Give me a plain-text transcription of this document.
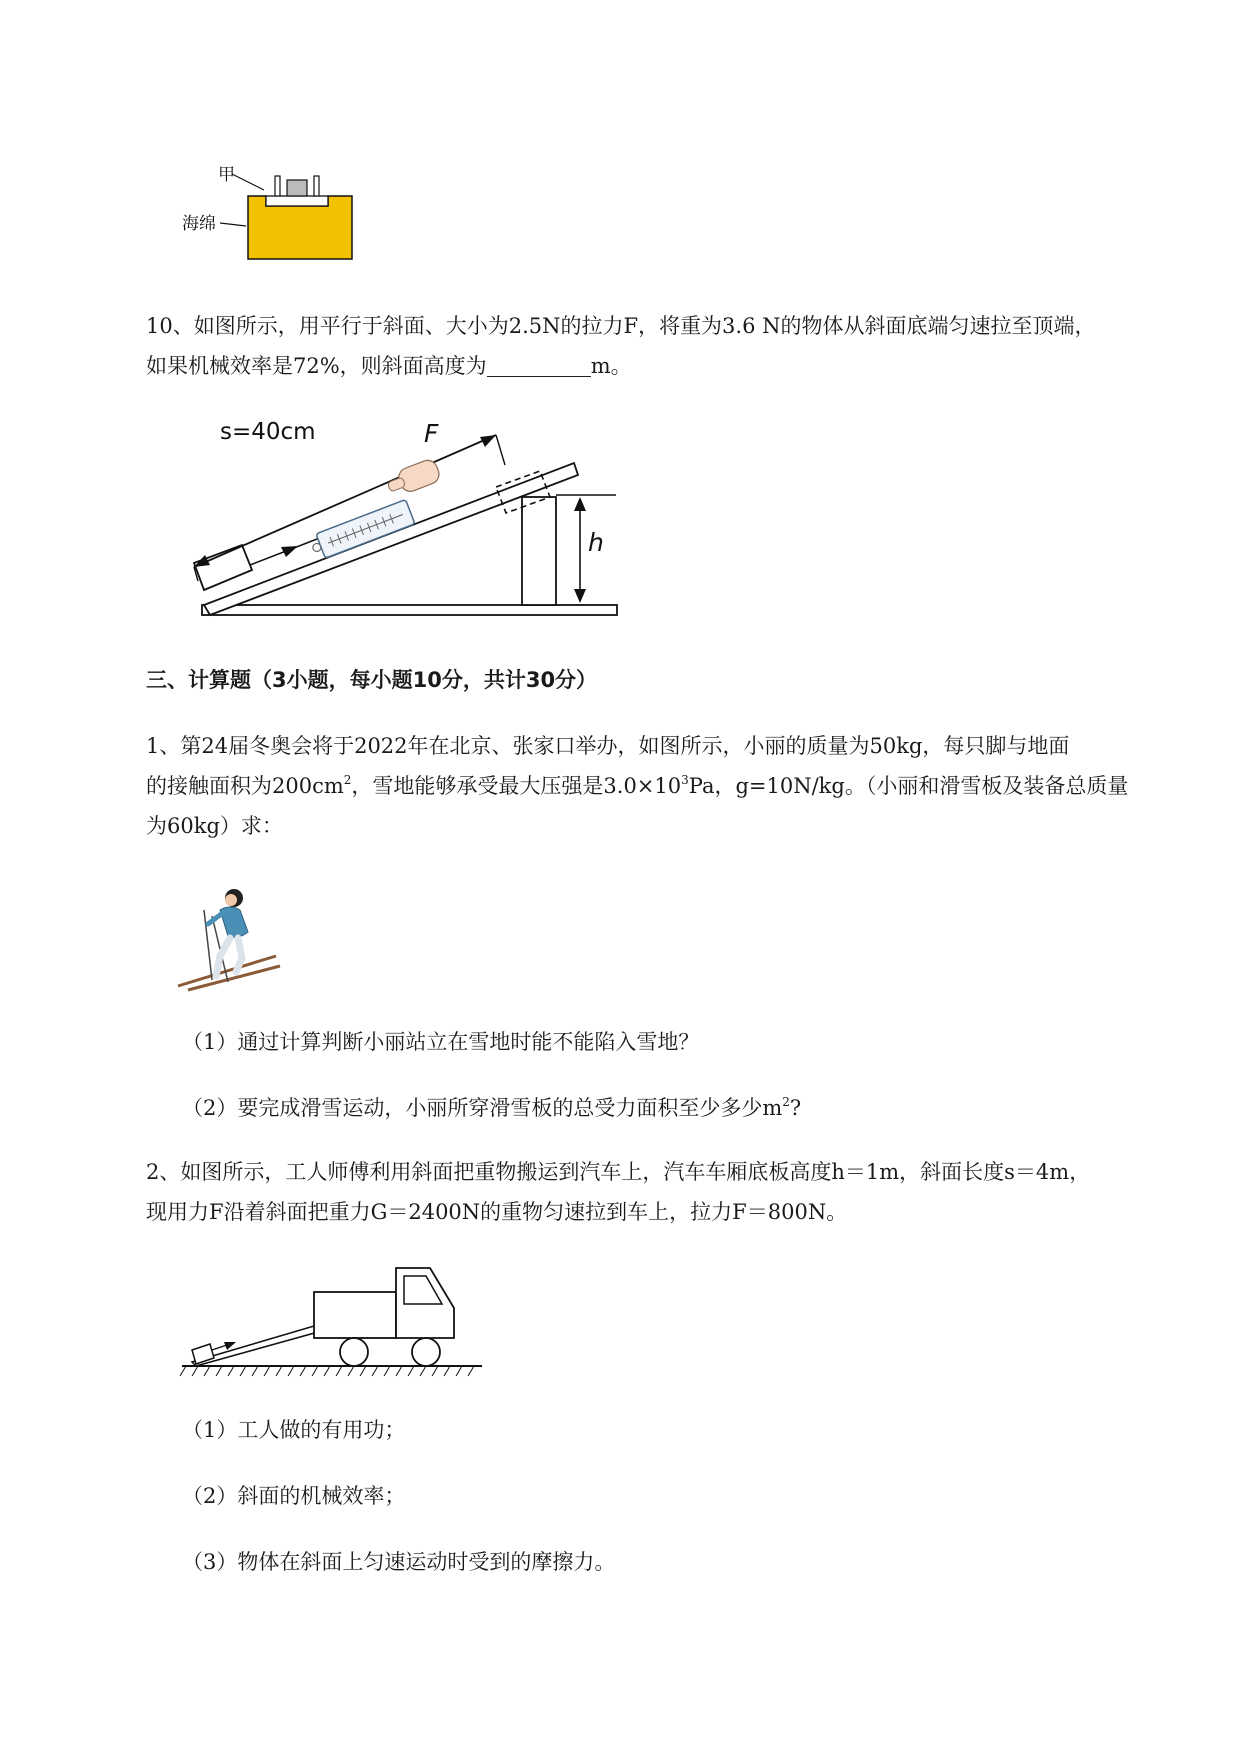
甲
海绵
10、如图所示，用平行于斜面、大小为2.5N的拉力F，将重为3.6 N的物体从斜面底端匀速拉至顶端，
如果机械效率是72%，则斜面高度为	m。
F
s=40cm
h
三、计算题（3小题，每小题10分，共计30分）
1、第24届冬奥会将于2022年在北京、张家口举办，如图所示，小丽的质量为50kg，每只脚与地面
的接触面积为$200cm^2$，雪地能够承受最大压强是$3.0\times 10^3Pa$，g=10N/kg。（小丽和滑雪板及装备总质量
为60kg）求：
（1）通过计算判断小丽站立在雪地时能不能陷入雪地？
（2）要完成滑雪运动，小丽所穿滑雪板的总受力面积至少多少$m^2$?
2、如图所示，工人师傅利用斜面把重物搬运到汽车上，汽车车厢底板高度h＝1m，斜面长度s＝4m，
现用力F沿着斜面把重力G＝2400N的重物匀速拉到车上，拉力F＝800N。
（1）工人做的有用功；
（2）斜面的机械效率；
（3）物体在斜面上匀速运动时受到的摩擦力。
